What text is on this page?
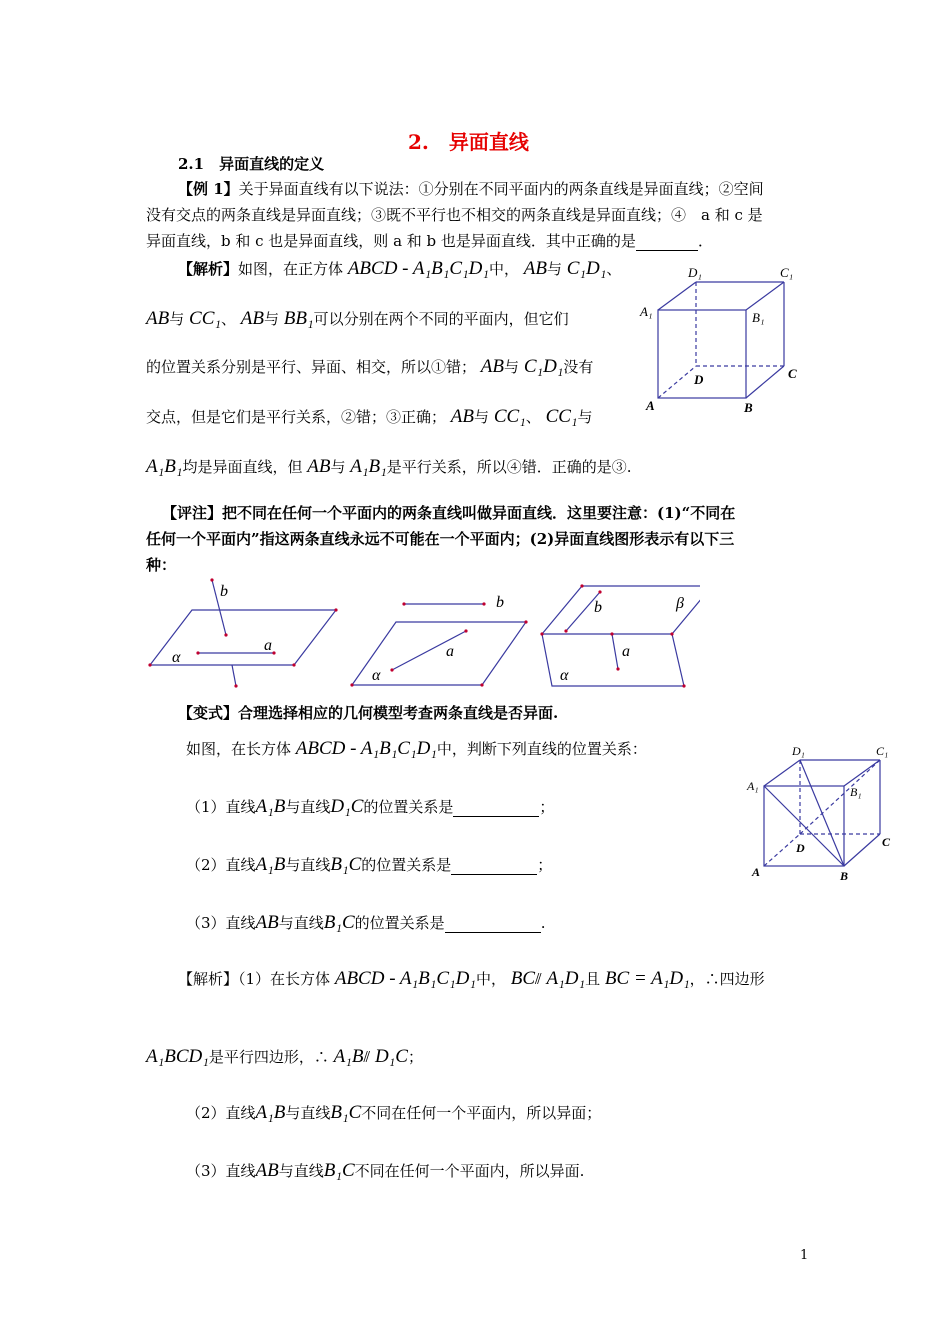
2.　异面直线
2.1　异面直线的定义
【例 1】关于异面直线有以下说法：①分别在不同平面内的两条直线是异面直线；②空间
没有交点的两条直线是异面直线；③既不平行也不相交的两条直线是异面直线；④　a 和 c 是
异面直线，b 和 c 也是异面直线，则 a 和 b 也是异面直线．其中正确的是	．
【解析】如图，在正方体 ABCD - A₁B₁C₁D₁中， AB与 C₁D₁、
AB与 CC₁、 AB与 BB₁可以分别在两个不同的平面内，但它们
的位置关系分别是平行、异面、相交，所以①错； AB与 C₁D₁没有
交点，但是它们是平行关系，②错；③正确； AB与 CC₁、 CC₁与
A₁B₁均是异面直线，但 AB与 A₁B₁是平行关系，所以④错．正确的是③.
D₁	C₁
A₁	B₁
D	C
A	B
【评注】把不同在任何一个平面内的两条直线叫做异面直线．这里要注意：(1)“不同在
任何一个平面内”指这两条直线永远不可能在一个平面内；(2)异面直线图形表示有以下三
种：
b
a
α
b
a
α
b	β
a
α
【变式】合理选择相应的几何模型考查两条直线是否异面.
如图，在长方体 ABCD - A₁B₁C₁D₁中，判断下列直线的位置关系：
（1）直线A₁B与直线D₁C的位置关系是	；
（2）直线A₁B与直线B₁C的位置关系是	；
（3）直线AB与直线B₁C的位置关系是	.
D₁	C₁
A₁	B₁
D	C
A	B
【解析】（1）在长方体 ABCD - A₁B₁C₁D₁中， BC⫽ A₁D₁且 BC = A₁D₁，∴四边形
A₁BCD₁是平行四边形，∴ A₁B⫽ D₁C；
（2）直线A₁B与直线B₁C不同在任何一个平面内，所以异面；
（3）直线AB与直线B₁C不同在任何一个平面内，所以异面.
1
